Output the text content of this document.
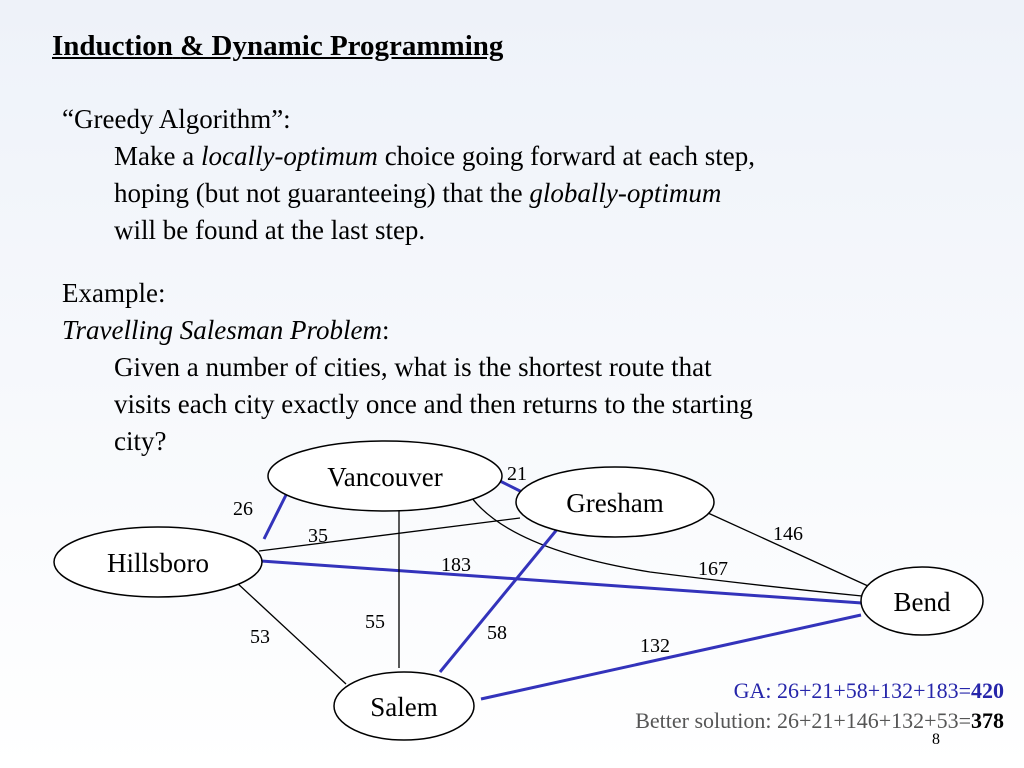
Induction & Dynamic Programming
“Greedy Algorithm”:
Make a locally-optimum choice going forward at each step,
hoping (but not guaranteeing) that the globally-optimum
will be found at the last step.
Example:
Travelling Salesman Problem:
Given a number of cities, what is the shortest route that
visits each city exactly once and then returns to the starting
city?
26
21
35	146
183	167
53
55	58
132
Vancouver
Gresham
Hillsboro
Bend
Salem
GA: 26+21+58+132+183=420
Better solution: 26+21+146+132+53=378
8
